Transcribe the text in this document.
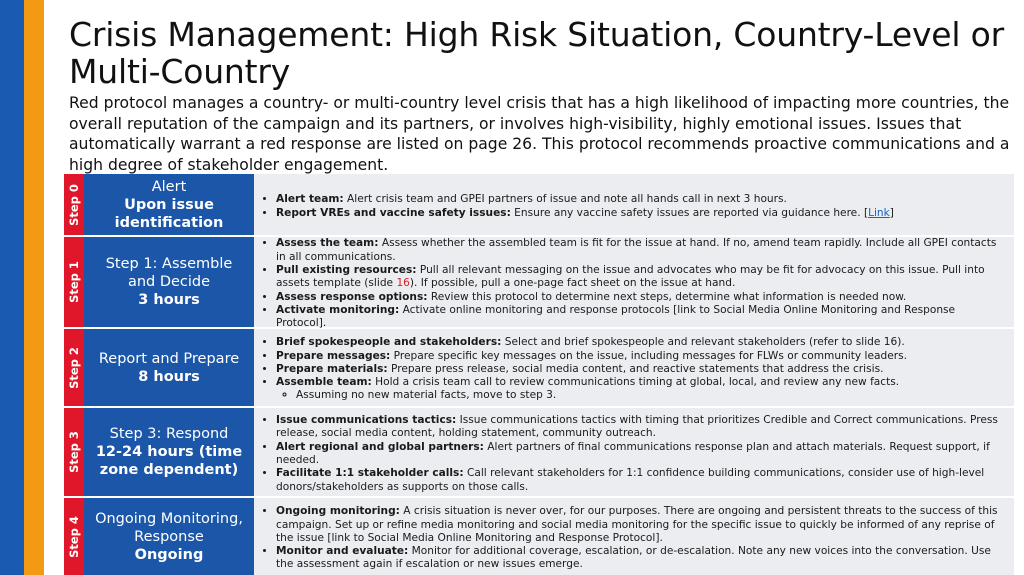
Crisis Management: High Risk Situation, Country-Level or Multi-Country
Red protocol manages a country- or multi-country level crisis that has a high likelihood of impacting more countries, the overall reputation of the campaign and its partners, or involves high-visibility, highly emotional issues. Issues that automatically warrant a red response are listed on page 26. This protocol recommends proactive communications and a high degree of stakeholder engagement.
Step 0	Alert
Upon issue identification
• Alert team: Alert crisis team and GPEI partners of issue and note all hands call in next 3 hours.
• Report VREs and vaccine safety issues: Ensure any vaccine safety issues are reported via guidance here. [Link]
Step 1	Step 1: Assemble and Decide
3 hours
• Assess the team: Assess whether the assembled team is fit for the issue at hand. If no, amend team rapidly. Include all GPEI contacts in all communications.
• Pull existing resources: Pull all relevant messaging on the issue and advocates who may be fit for advocacy on this issue. Pull into assets template (slide 16). If possible, pull a one-page fact sheet on the issue at hand.
• Assess response options: Review this protocol to determine next steps, determine what information is needed now.
• Activate monitoring: Activate online monitoring and response protocols [link to Social Media Online Monitoring and Response Protocol].
Step 2 Report and Prepare
8 hours
• Brief spokespeople and stakeholders: Select and brief spokespeople and relevant stakeholders (refer to slide 16).
• Prepare messages: Prepare specific key messages on the issue, including messages for FLWs or community leaders.
• Prepare materials: Prepare press release, social media content, and reactive statements that address the crisis.
• Assemble team: Hold a crisis team call to review communications timing at global, local, and review any new facts.
◦ Assuming no new material facts, move to step 3.
Step 3 Step 3: Respond
12-24 hours (time zone dependent)
• Issue communications tactics: Issue communications tactics with timing that prioritizes Credible and Correct communications. Press release, social media content, holding statement, community outreach.
• Alert regional and global partners: Alert partners of final communications response plan and attach materials. Request support, if needed.
• Facilitate 1:1 stakeholder calls: Call relevant stakeholders for 1:1 confidence building communications, consider use of high-level donors/stakeholders as supports on those calls.
Step 4 Ongoing Monitoring, Response
Ongoing
• Ongoing monitoring: A crisis situation is never over, for our purposes. There are ongoing and persistent threats to the success of this campaign. Set up or refine media monitoring and social media monitoring for the specific issue to quickly be informed of any reprise of the issue [link to Social Media Online Monitoring and Response Protocol].
• Monitor and evaluate: Monitor for additional coverage, escalation, or de-escalation. Note any new voices into the conversation. Use the assessment again if escalation or new issues emerge.
